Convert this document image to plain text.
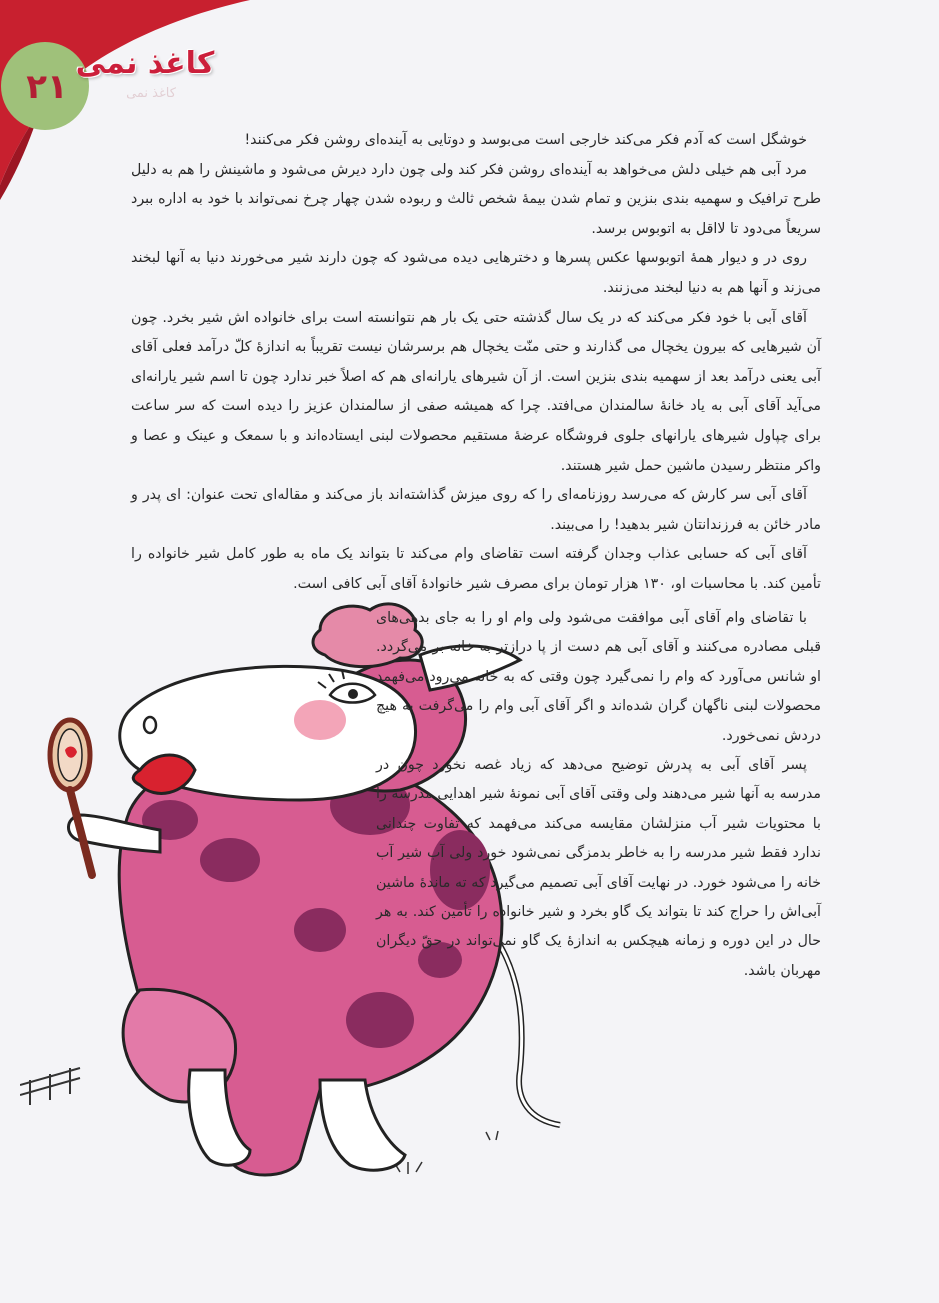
۲۱
کاغذ نمی
کاغذ نمی

خوشگل است که آدم فکر می‌کند خارجی است می‌بوسد و دوتایی به آینده‌ای روشن فکر می‌کنند!

مرد آبی هم خیلی دلش می‌خواهد به آینده‌ای روشن فکر کند ولی چون دارد دیرش می‌شود و ماشینش را هم به دلیل طرح ترافیک و سهمیه بندی بنزین و تمام شدن بیمهٔ شخص ثالث و ربوده شدن چهار چرخ نمی‌تواند با خود به اداره ببرد سریعاً می‌دود تا لااقل به اتوبوس برسد.

روی در و دیوار همهٔ اتوبوسها عکس پسرها و دخترهایی دیده می‌شود که چون دارند شیر می‌خورند دنیا به آنها لبخند می‌زند و آنها هم به دنیا لبخند می‌زنند.

آقای آبی با خود فکر می‌کند که در یک سال گذشته حتی یک بار هم نتوانسته است برای خانواده اش شیر بخرد. چون آن شیرهایی که بیرون یخچال می گذارند و حتی منّت یخچال هم برسرشان نیست تقریباً به اندازهٔ کلّ درآمد فعلی آقای آبی یعنی درآمد بعد از سهمیه بندی بنزین است. از آن شیرهای یارانه‌ای هم که اصلاً خبر ندارد چون تا اسم شیر یارانه‌ای می‌آید آقای آبی به یاد خانهٔ سالمندان می‌افتد. چرا که همیشه صفی از سالمندان عزیز را دیده است که سر ساعت برای چپاول شیرهای یارانهای جلوی فروشگاه عرضهٔ مستقیم محصولات لبنی ایستاده‌اند و با سمعک و عینک و عصا و واکر منتظر رسیدن ماشین حمل شیر هستند.

آقای آبی سر کارش که می‌رسد روزنامه‌ای را که روی میزش گذاشته‌اند باز می‌کند و مقاله‌ای تحت عنوان: ای پدر و مادر خائن به فرزندانتان شیر بدهید! را می‌بیند.

آقای آبی که حسابی عذاب وجدان گرفته است تقاضای وام می‌کند تا بتواند یک ماه به طور کامل شیر خانواده را تأمین کند. با محاسبات او، ۱۳۰ هزار تومان برای مصرف شیر خانوادهٔ آقای آبی کافی است.

با تقاضای وام آقای آبی موافقت می‌شود ولی وام او را به جای بدهی‌های قبلی مصادره می‌کنند و آقای آبی هم دست از پا درازتر به خانه بر می‌گردد. او شانس می‌آورد که وام را نمی‌گیرد چون وقتی که به خانه می‌رود می‌فهمد محصولات لبنی ناگهان گران شده‌اند و اگر آقای آبی وام را می‌گرفت به هیچ دردش نمی‌خورد.

پسر آقای آبی به پدرش توضیح می‌دهد که زیاد غصه نخورد چون در مدرسه به آنها شیر می‌دهند ولی وقتی آقای آبی نمونهٔ شیر اهدایی مدرسه را با محتویات شیر آب منزلشان مقایسه می‌کند می‌فهمد که تفاوت چندانی ندارد فقط شیر مدرسه را به خاطر بدمزگی نمی‌شود خورد ولی آب شیر آب خانه را می‌شود خورد. در نهایت آقای آبی تصمیم می‌گیرد که ته ماندهٔ ماشین آبی‌اش را حراج کند تا بتواند یک گاو بخرد و شیر خانواده را تأمین کند. به هر حال در این دوره و زمانه هیچکس به اندازهٔ یک گاو نمی‌تواند در حقّ دیگران مهربان باشد.
